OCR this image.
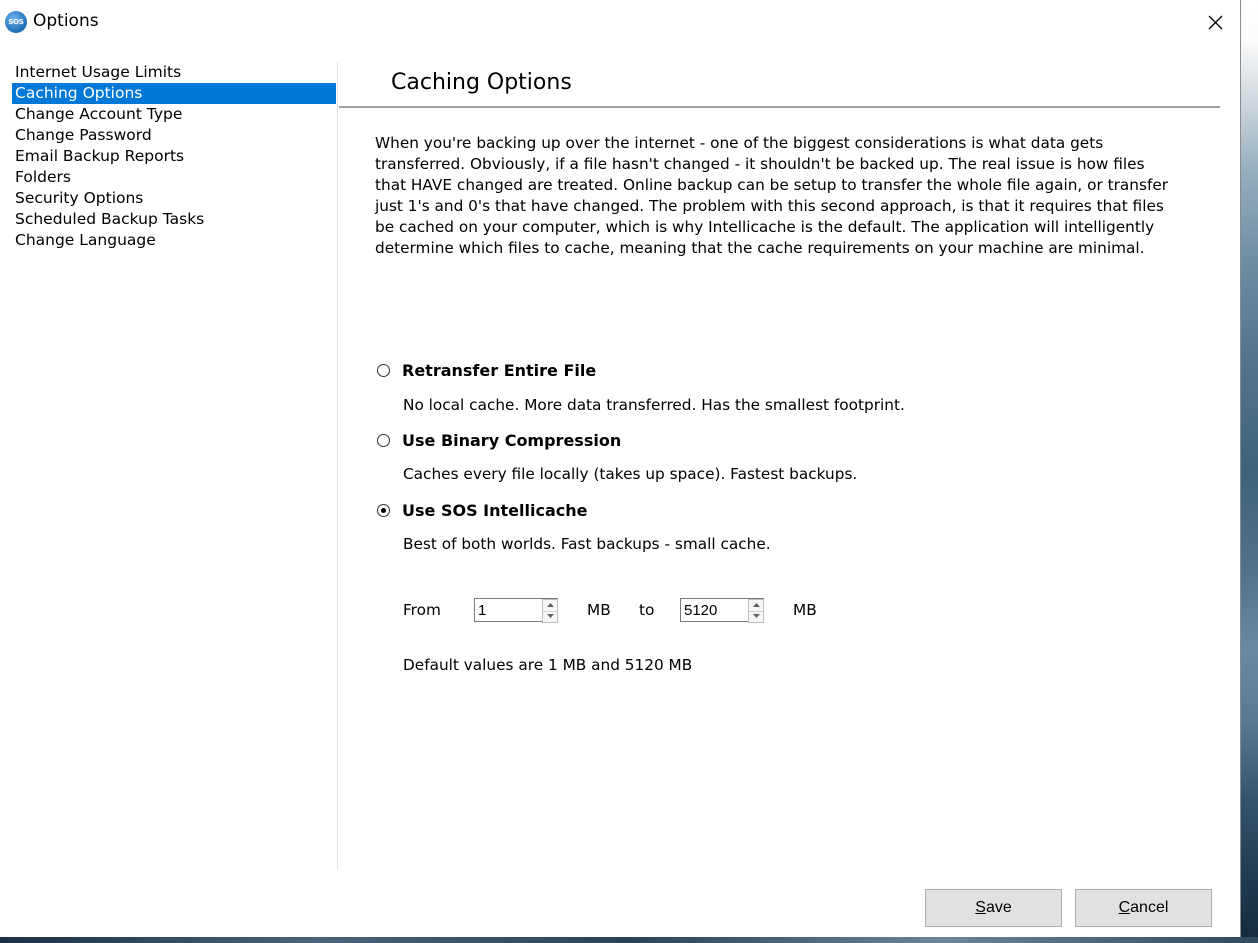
SOS Options
Internet Usage Limits
Caching Options
Change Account Type
Change Password
Email Backup Reports
Folders
Security Options
Scheduled Backup Tasks
Change Language
Caching Options

When you're backing up over the internet - one of the biggest considerations is what data gets transferred. Obviously, if a file hasn't changed - it shouldn't be backed up. The real issue is how files that HAVE changed are treated. Online backup can be setup to transfer the whole file again, or transfer just 1's and 0's that have changed. The problem with this second approach, is that it requires that files be cached on your computer, which is why Intellicache is the default. The application will intelligently determine which files to cache, meaning that the cache requirements on your machine are minimal.

Retransfer Entire File
No local cache. More data transferred. Has the smallest footprint.
Use Binary Compression
Caches every file locally (takes up space). Fastest backups.
Use SOS Intellicache
Best of both worlds. Fast backups - small cache.
From
1	MB to
5120	MB
Default values are 1 MB and 5120 MB
Save	Cancel
